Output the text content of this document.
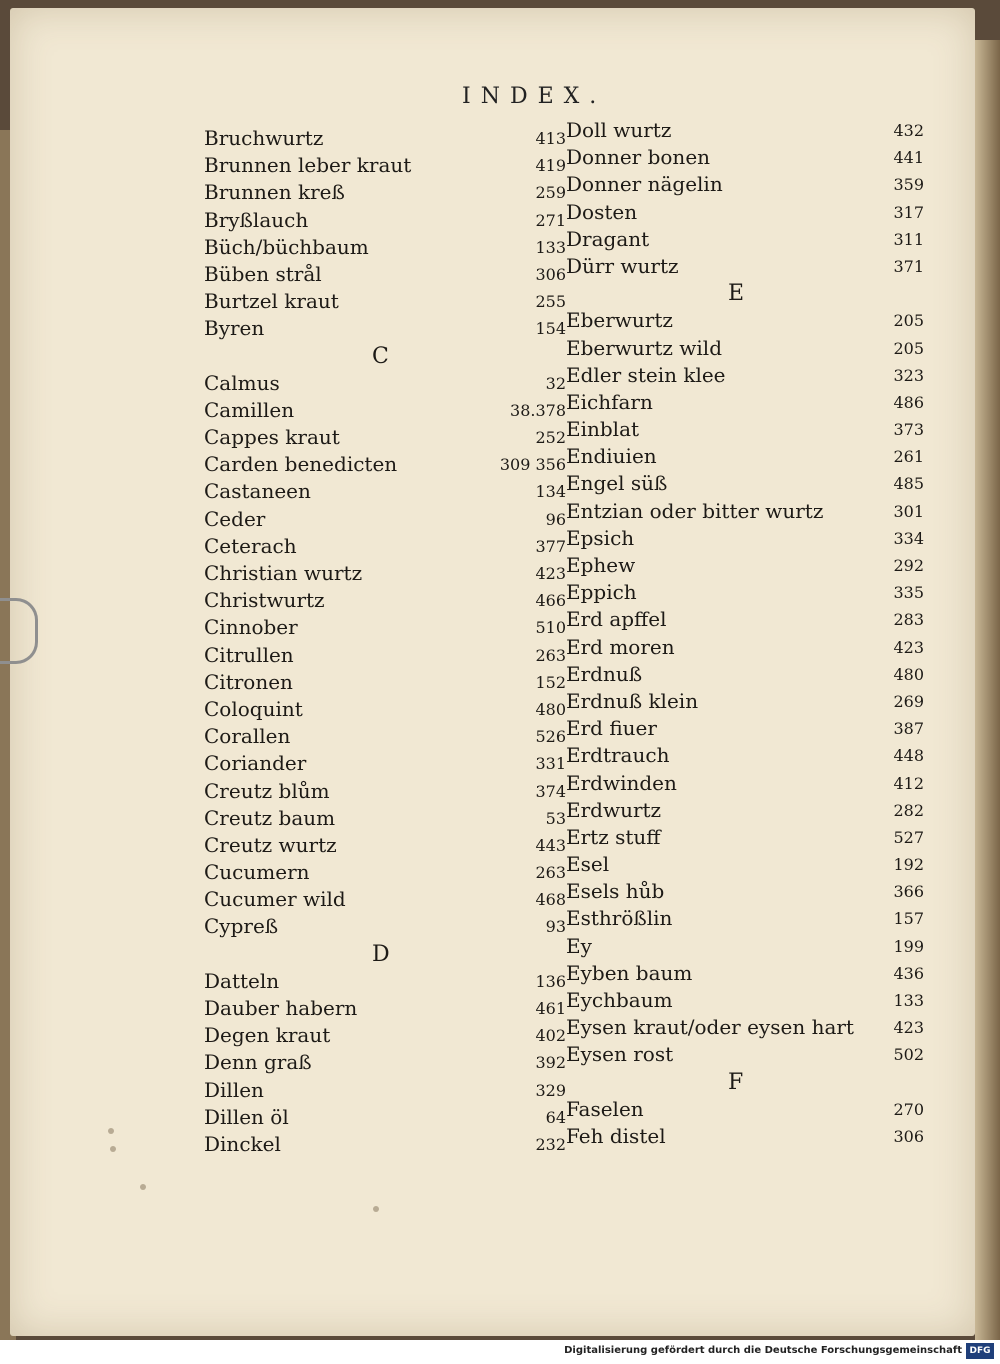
INDEX.
Bruchwurtz	413
Brunnen leber kraut	419
Brunnen kreß	259
Bryßlauch	271
Büch/büchbaum	133
Büben strål	306
Burtzel kraut	255
Byren	154
C
Calmus	32
Camillen	38.378
Cappes kraut	252
Carden benedicten	309 356
Castaneen	134
Ceder	96
Ceterach	377
Christian wurtz	423
Christwurtz	466
Cinnober	510
Citrullen	263
Citronen	152
Coloquint	480
Corallen	526
Coriander	331
Creutz blům	374
Creutz baum	53
Creutz wurtz	443
Cucumern	263
Cucumer wild	468
Cypreß	93
D
Datteln	136
Dauber habern	461
Degen kraut	402
Denn graß	392
Dillen	329
Dillen öl	64
Dinckel	232
Doll wurtz	432
Donner bonen	441
Donner nägelin	359
Dosten	317
Dragant	311
Dürr wurtz	371
E
Eberwurtz	205
Eberwurtz wild	205
Edler stein klee	323
Eichfarn	486
Einblat	373
Endiuien	261
Engel süß	485
Entzian oder bitter wurtz	301
Epsich	334
Ephew	292
Eppich	335
Erd apffel	283
Erd moren	423
Erdnuß	480
Erdnuß klein	269
Erd fiuer	387
Erdtrauch	448
Erdwinden	412
Erdwurtz	282
Ertz stuff	527
Esel	192
Esels hůb	366
Esthrößlin	157
Ey	199
Eyben baum	436
Eychbaum	133
Eysen kraut/oder eysen hart 423
Eysen rost	502
F
Faselen	270
Feh distel	306
Digitalisierung gefördert durch die Deutsche Forschungsgemeinschaft DFG
